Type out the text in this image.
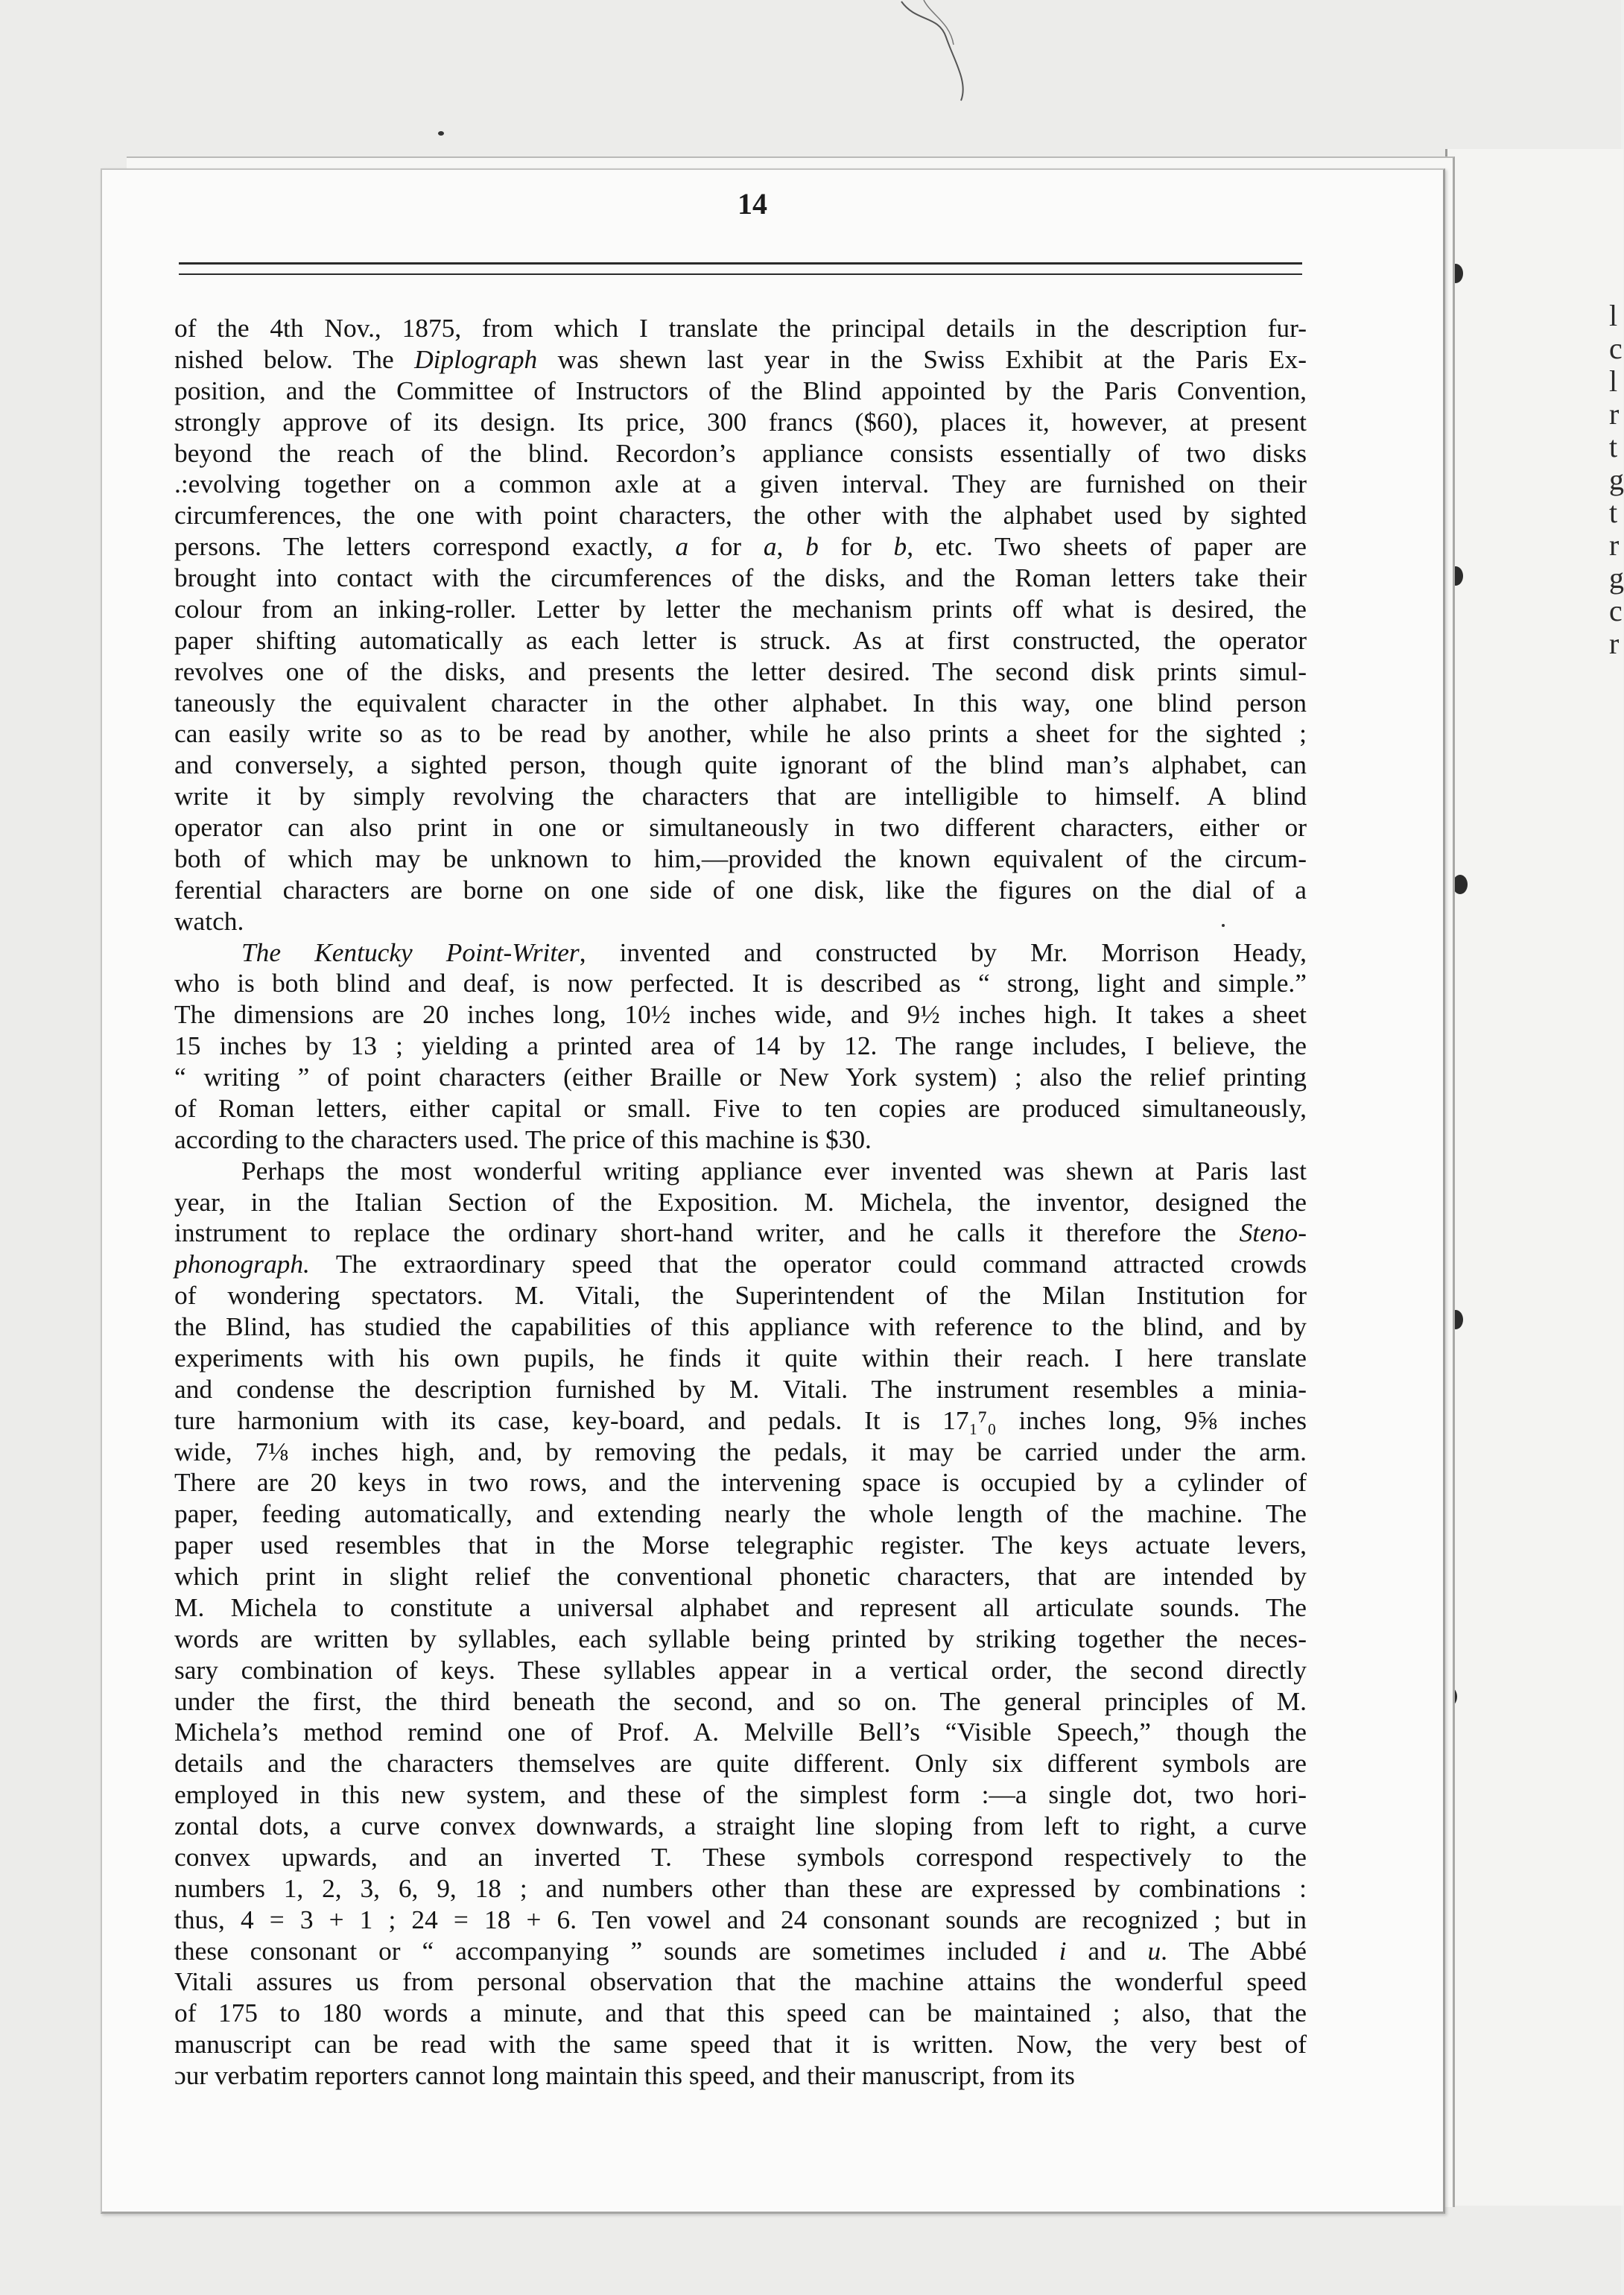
l
c
l
r
t
g
t
r
g
c
r
14
of the 4th Nov., 1875, from which I translate the principal details in the description fur-
nished below. The Diplograph was shewn last year in the Swiss Exhibit at the Paris Ex-
position, and the Committee of Instructors of the Blind appointed by the Paris Convention,
strongly approve of its design. Its price, 300 francs ($60), places it, however, at present
beyond the reach of the blind. Recordon’s appliance consists essentially of two disks
.:evolving together on a common axle at a given interval. They are furnished on their
circumferences, the one with point characters, the other with the alphabet used by sighted
persons. The letters correspond exactly, a for a, b for b, etc. Two sheets of paper are
brought into contact with the circumferences of the disks, and the Roman letters take their
colour from an inking-roller. Letter by letter the mechanism prints off what is desired, the
paper shifting automatically as each letter is struck. As at first constructed, the operator
revolves one of the disks, and presents the letter desired. The second disk prints simul-
taneously the equivalent character in the other alphabet. In this way, one blind person
can easily write so as to be read by another, while he also prints a sheet for the sighted ;
and conversely, a sighted person, though quite ignorant of the blind man’s alphabet, can
write it by simply revolving the characters that are intelligible to himself. A blind
operator can also print in one or simultaneously in two different characters, either or
both of which may be unknown to him,—provided the known equivalent of the circum-
ferential characters are borne on one side of one disk, like the figures on the dial of a
watch.
The Kentucky Point-Writer, invented and constructed by Mr. Morrison Heady,
who is both blind and deaf, is now perfected. It is described as “ strong, light and simple.”
The dimensions are 20 inches long, 10½ inches wide, and 9½ inches high. It takes a sheet
15 inches by 13 ; yielding a printed area of 14 by 12. The range includes, I believe, the
“ writing ” of point characters (either Braille or New York system) ; also the relief printing
of Roman letters, either capital or small. Five to ten copies are produced simultaneously,
according to the characters used. The price of this machine is $30.
Perhaps the most wonderful writing appliance ever invented was shewn at Paris last
year, in the Italian Section of the Exposition. M. Michela, the inventor, designed the
instrument to replace the ordinary short-hand writer, and he calls it therefore the Steno-
phonograph. The extraordinary speed that the operator could command attracted crowds
of wondering spectators. M. Vitali, the Superintendent of the Milan Institution for
the Blind, has studied the capabilities of this appliance with reference to the blind, and by
experiments with his own pupils, he finds it quite within their reach. I here translate
and condense the description furnished by M. Vitali. The instrument resembles a minia-
ture harmonium with its case, key-board, and pedals. It is 17₁⁷₀ inches long, 9⅝ inches
wide, 7⅛ inches high, and, by removing the pedals, it may be carried under the arm.
There are 20 keys in two rows, and the intervening space is occupied by a cylinder of
paper, feeding automatically, and extending nearly the whole length of the machine. The
paper used resembles that in the Morse telegraphic register. The keys actuate levers,
which print in slight relief the conventional phonetic characters, that are intended by
M. Michela to constitute a universal alphabet and represent all articulate sounds. The
words are written by syllables, each syllable being printed by striking together the neces-
sary combination of keys. These syllables appear in a vertical order, the second directly
under the first, the third beneath the second, and so on. The general principles of M.
Michela’s method remind one of Prof. A. Melville Bell’s “Visible Speech,” though the
details and the characters themselves are quite different. Only six different symbols are
employed in this new system, and these of the simplest form :—a single dot, two hori-
zontal dots, a curve convex downwards, a straight line sloping from left to right, a curve
convex upwards, and an inverted T. These symbols correspond respectively to the
numbers 1, 2, 3, 6, 9, 18 ; and numbers other than these are expressed by combinations :
thus, 4 = 3 + 1 ; 24 = 18 + 6. Ten vowel and 24 consonant sounds are recognized ; but in
these consonant or “ accompanying ” sounds are sometimes included i and u. The Abbé
Vitali assures us from personal observation that the machine attains the wonderful speed
of 175 to 180 words a minute, and that this speed can be maintained ; also, that the
manuscript can be read with the same speed that it is written. Now, the very best of
ɔur verbatim reporters cannot long maintain this speed, and their manuscript, from its
